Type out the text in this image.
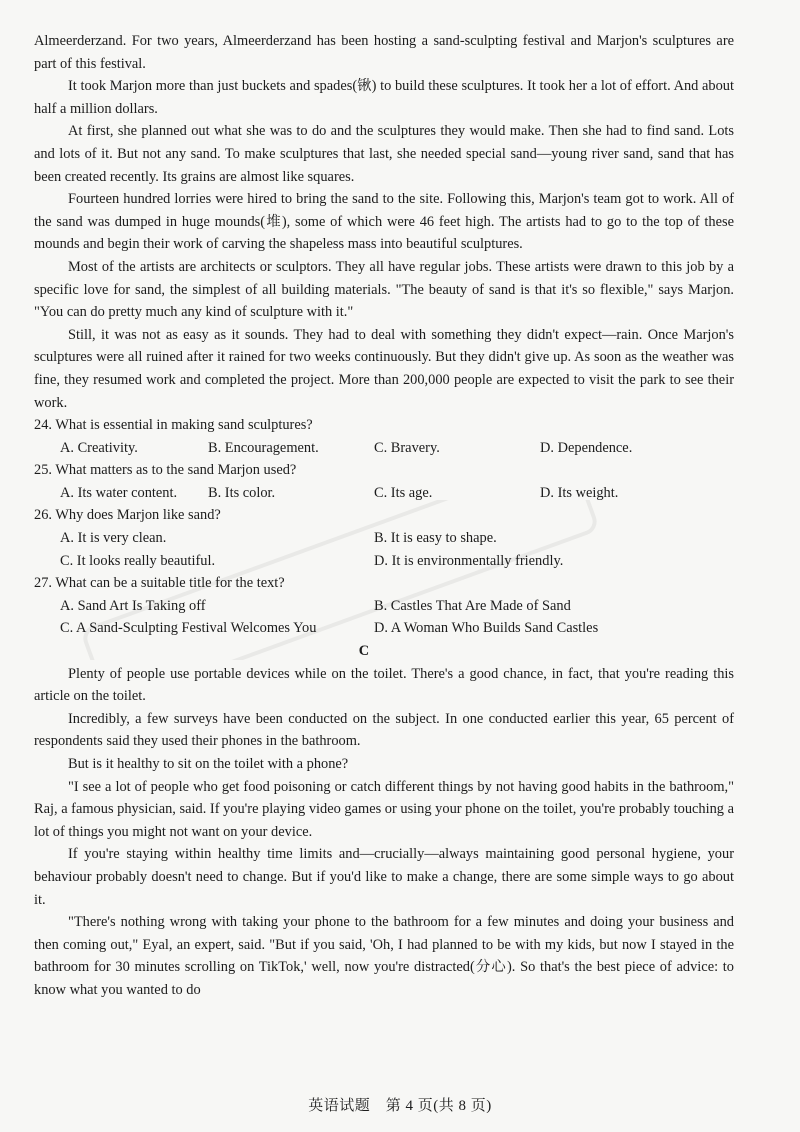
Almeerderzand. For two years, Almeerderzand has been hosting a sand-sculpting festival and Marjon's sculptures are part of this festival.

It took Marjon more than just buckets and spades(锹) to build these sculptures. It took her a lot of effort. And about half a million dollars.

At first, she planned out what she was to do and the sculptures they would make. Then she had to find sand. Lots and lots of it. But not any sand. To make sculptures that last, she needed special sand—young river sand, sand that has been created recently. Its grains are almost like squares.

Fourteen hundred lorries were hired to bring the sand to the site. Following this, Marjon's team got to work. All of the sand was dumped in huge mounds(堆), some of which were 46 feet high. The artists had to go to the top of these mounds and begin their work of carving the shapeless mass into beautiful sculptures.

Most of the artists are architects or sculptors. They all have regular jobs. These artists were drawn to this job by a specific love for sand, the simplest of all building materials. "The beauty of sand is that it's so flexible," says Marjon. "You can do pretty much any kind of sculpture with it."

Still, it was not as easy as it sounds. They had to deal with something they didn't expect—rain. Once Marjon's sculptures were all ruined after it rained for two weeks continuously. But they didn't give up. As soon as the weather was fine, they resumed work and completed the project. More than 200,000 people are expected to visit the park to see their work.

24. What is essential in making sand sculptures?
A. Creativity.	B. Encouragement.	C. Bravery.	D. Dependence.
25. What matters as to the sand Marjon used?
A. Its water content.	B. Its color.	C. Its age.	D. Its weight.
26. Why does Marjon like sand?
A. It is very clean.	B. It is easy to shape.
C. It looks really beautiful.	D. It is environmentally friendly.
27. What can be a suitable title for the text?
A. Sand Art Is Taking off	B. Castles That Are Made of Sand
C. A Sand-Sculpting Festival Welcomes You	D. A Woman Who Builds Sand Castles
C

Plenty of people use portable devices while on the toilet. There's a good chance, in fact, that you're reading this article on the toilet.

Incredibly, a few surveys have been conducted on the subject. In one conducted earlier this year, 65 percent of respondents said they used their phones in the bathroom.

But is it healthy to sit on the toilet with a phone?

"I see a lot of people who get food poisoning or catch different things by not having good habits in the bathroom," Raj, a famous physician, said. If you're playing video games or using your phone on the toilet, you're probably touching a lot of things you might not want on your device.

If you're staying within healthy time limits and—crucially—always maintaining good personal hygiene, your behaviour probably doesn't need to change. But if you'd like to make a change, there are some simple ways to go about it.

"There's nothing wrong with taking your phone to the bathroom for a few minutes and doing your business and then coming out," Eyal, an expert, said. "But if you said, 'Oh, I had planned to be with my kids, but now I stayed in the bathroom for 30 minutes scrolling on TikTok,' well, now you're distracted(分心). So that's the best piece of advice: to know what you wanted to do

英语试题　第 4 页(共 8 页)
